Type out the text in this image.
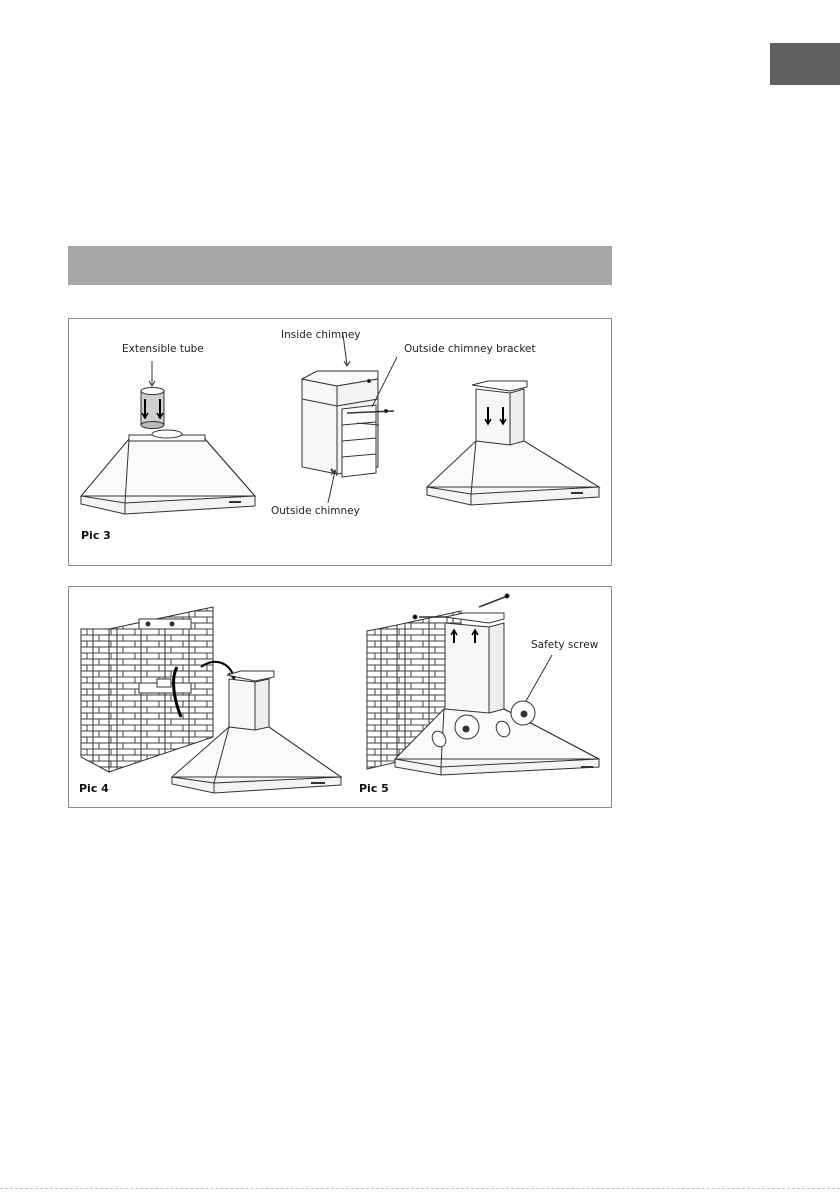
Extensible tube
Inside chimney
Outside chimney bracket
Outside chimney
Pic 3
Safety screw
Pic 4	Pic 5
